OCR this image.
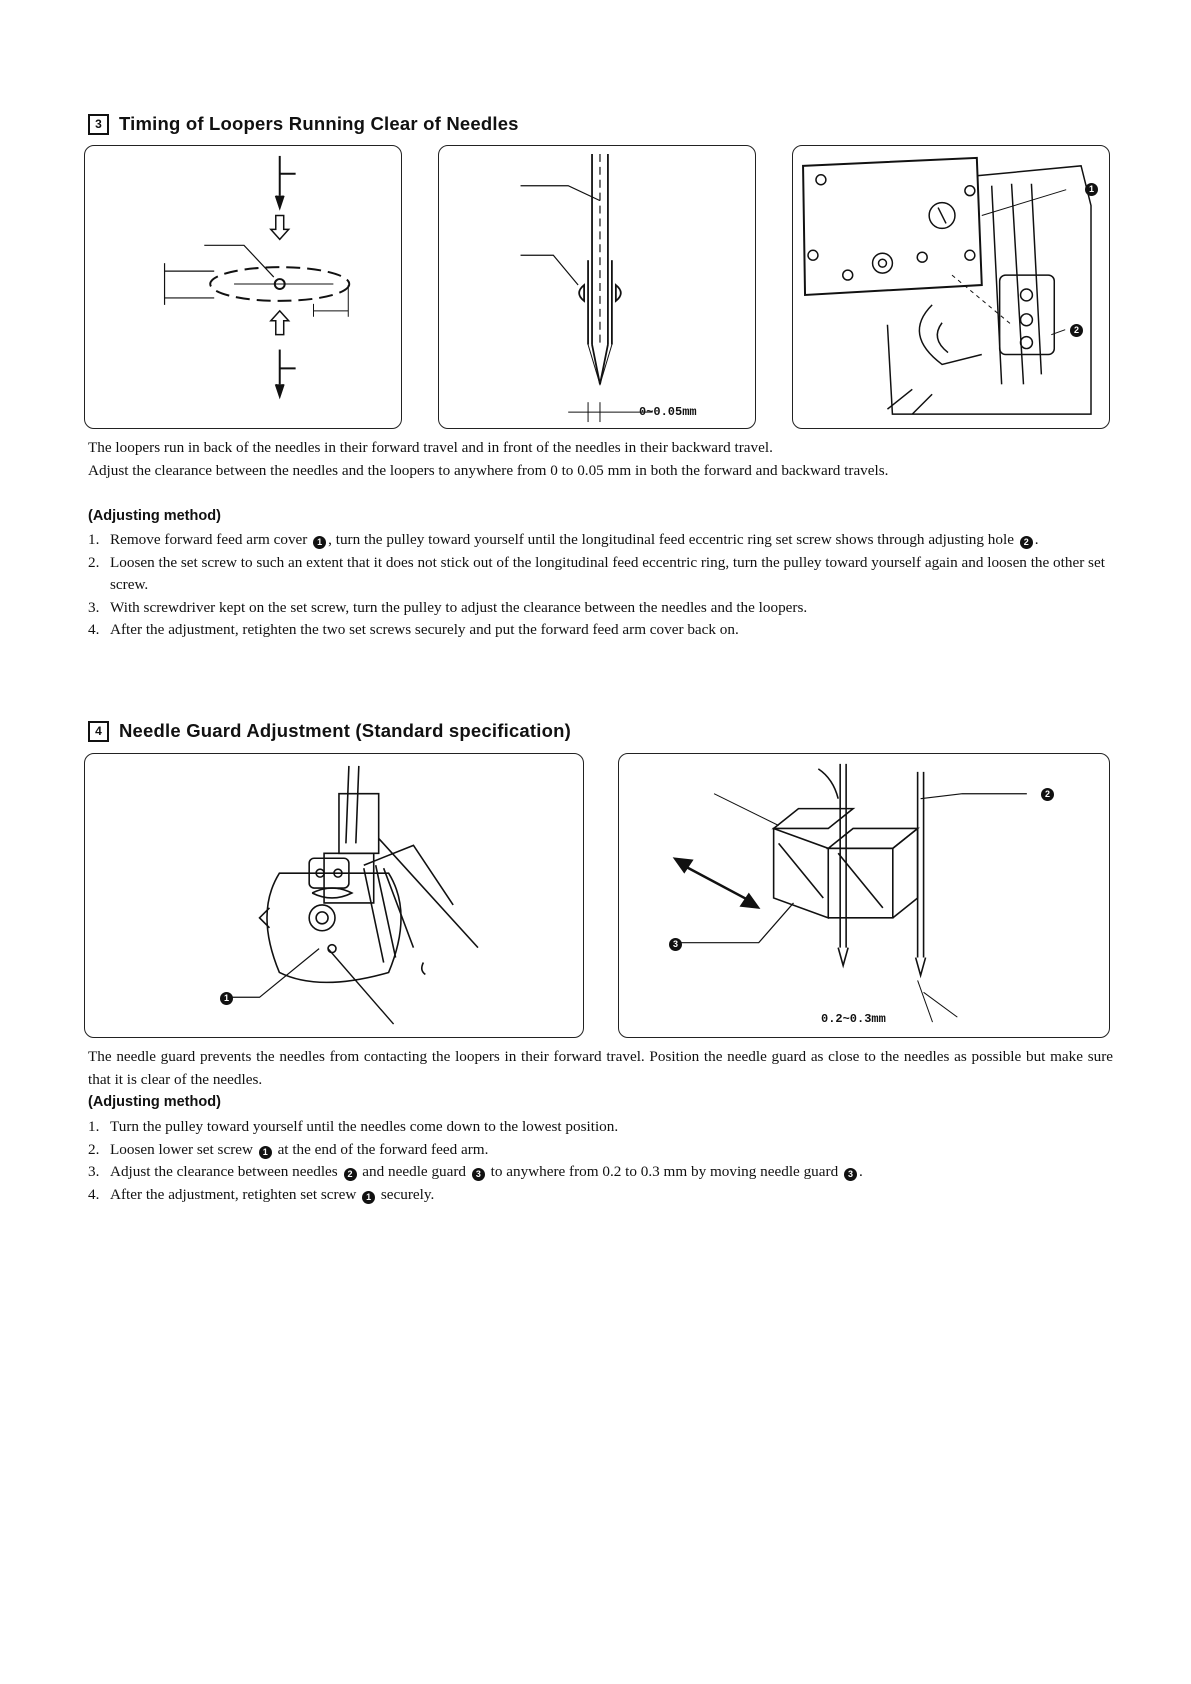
3 Timing of Loopers Running Clear of Needles
0~0.05mm
1
2

The loopers run in back of the needles in their forward travel and in front of the needles in their backward travel.

Adjust the clearance between the needles and the loopers to anywhere from 0 to 0.05 mm in both the forward and backward travels.

(Adjusting method)

1. Remove forward feed arm cover 1 , turn the pulley toward yourself until the longitudinal feed eccentric ring set screw shows through adjusting hole 2 .
2. Loosen the set screw to such an extent that it does not stick out of the longitudinal feed eccentric ring, turn the pulley toward yourself again and loosen the other set screw.
3. With screwdriver kept on the set screw, turn the pulley to adjust the clearance between the needles and the loopers.
4. After the adjustment, retighten the two set screws securely and put the forward feed arm cover back on.
4 Needle Guard Adjustment (Standard specification)
1
2
3
0.2~0.3mm

The needle guard prevents the needles from contacting the loopers in their forward travel. Position the needle guard as close to the needles as possible but make sure that it is clear of the needles.

(Adjusting method)

1. Turn the pulley toward yourself until the needles come down to the lowest position.
2. Loosen lower set screw 1 at the end of the forward feed arm.
3. Adjust the clearance between needles 2 and needle guard 3 to anywhere from 0.2 to 0.3 mm by moving needle guard 3 .
4. After the adjustment, retighten set screw 1 securely.
